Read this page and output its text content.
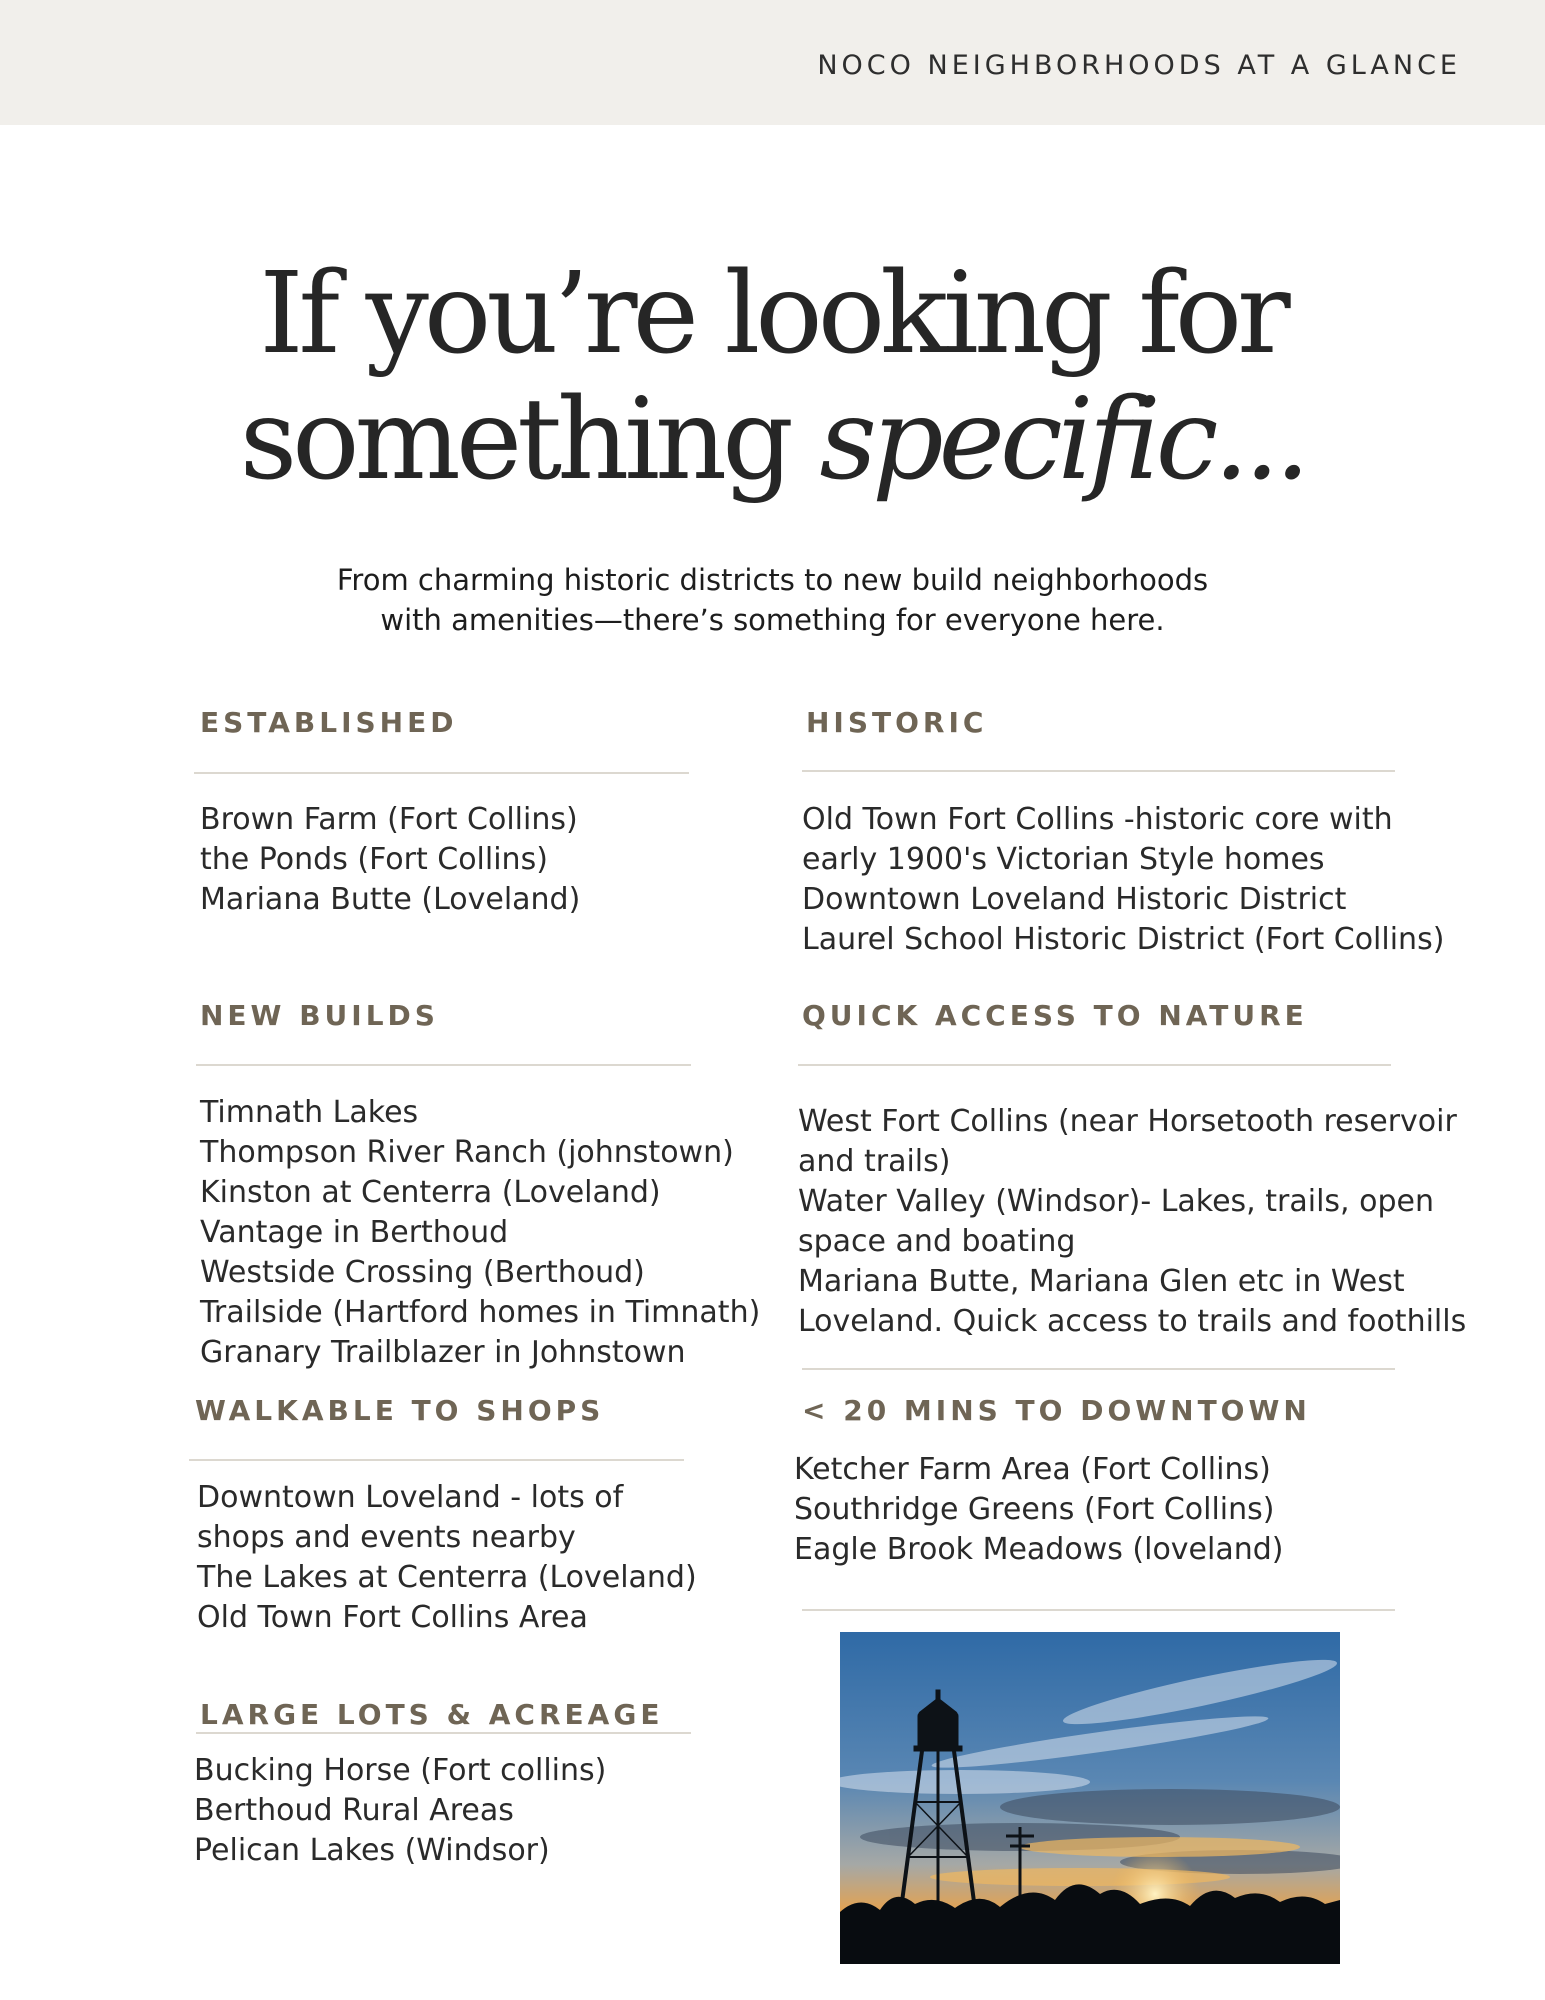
NOCO NEIGHBORHOODS AT A GLANCE
If you’re looking for
something specific...
From charming historic districts to new build neighborhoods
with amenities—there’s something for everyone here.
ESTABLISHED
Brown Farm (Fort Collins)
the Ponds (Fort Collins)
Mariana Butte (Loveland)
HISTORIC
Old Town Fort Collins -historic core with
early 1900's Victorian Style homes
Downtown Loveland Historic District
Laurel School Historic District (Fort Collins)
NEW BUILDS
Timnath Lakes
Thompson River Ranch (johnstown)
Kinston at Centerra (Loveland)
Vantage in Berthoud
Westside Crossing (Berthoud)
Trailside (Hartford homes in Timnath)
Granary Trailblazer in Johnstown
QUICK ACCESS TO NATURE
West Fort Collins (near Horsetooth reservoir
and trails)
Water Valley (Windsor)- Lakes, trails, open
space and boating
Mariana Butte, Mariana Glen etc in West
Loveland. Quick access to trails and foothills
WALKABLE TO SHOPS
Downtown Loveland - lots of
shops and events nearby
The Lakes at Centerra (Loveland)
Old Town Fort Collins Area
< 20 MINS TO DOWNTOWN
Ketcher Farm Area (Fort Collins)
Southridge Greens (Fort Collins)
Eagle Brook Meadows (loveland)
LARGE LOTS & ACREAGE
Bucking Horse (Fort collins)
Berthoud Rural Areas
Pelican Lakes (Windsor)
